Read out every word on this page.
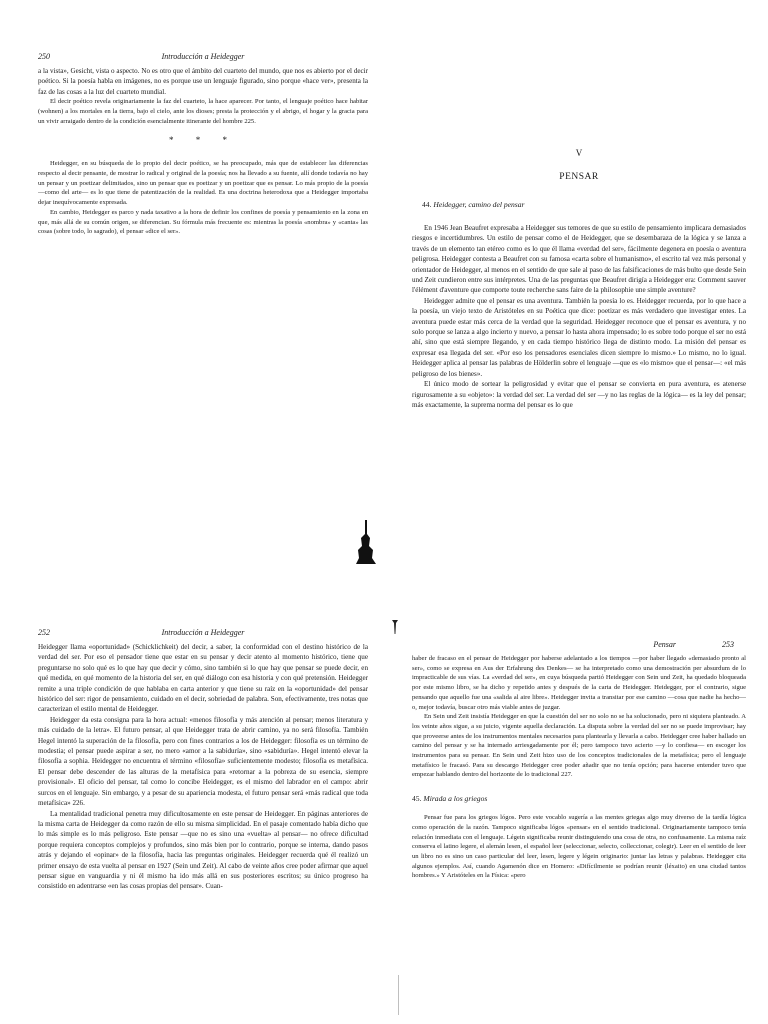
250	Introducción a Heidegger

a la vista», Gesicht, vista o aspecto. No es otro que el ámbito del cuarteto del mundo, que nos es abierto por el decir poético. Si la poesía habla en imágenes, no es porque use un lenguaje figurado, sino porque «hace ver», presenta la faz de las cosas a la luz del cuarteto mundial.

El decir poético revela originariamente la faz del cuarteto, la hace aparecer. Por tanto, el lenguaje poético hace habitar (wohnen) a los mortales en la tierra, bajo el cielo, ante los dioses; presta la protección y el abrigo, el hogar y la gracia para un vivir arraigado dentro de la condición esencialmente itinerante del hombre 225.

* * *

Heidegger, en su búsqueda de lo propio del decir poético, se ha preocupado, más que de establecer las diferencias respecto al decir pensante, de mostrar lo radical y original de la poesía; nos ha llevado a su fuente, allí donde todavía no hay un pensar y un poetizar delimitados, sino un pensar que es poetizar y un poetizar que es pensar. Lo más propio de la poesía —como del arte— es lo que tiene de patentización de la realidad. Es una doctrina heterodoxa que a Heidegger importaba dejar inequívocamente expresada.

En cambio, Heidegger es parco y nada taxativo a la hora de definir los confines de poesía y pensamiento en la zona en que, más allá de su común origen, se diferencian. Su fórmula más frecuente es: mientras la poesía «nombra» y «canta» las cosas (sobre todo, lo sagrado), el pensar «dice el ser».

V
PENSAR
44. Heidegger, camino del pensar

En 1946 Jean Beaufret expresaba a Heidegger sus temores de que su estilo de pensamiento implicara demasiados riesgos e incertidumbres. Un estilo de pensar como el de Heidegger, que se desembaraza de la lógica y se lanza a través de un elemento tan etéreo como es lo que él llama «verdad del ser», fácilmente degenera en poesía o aventura peligrosa. Heidegger contesta a Beaufret con su famosa «carta sobre el humanismo», el escrito tal vez más personal y orientador de Heidegger, al menos en el sentido de que sale al paso de las falsificaciones de más bulto que desde Sein und Zeit cundieron entre sus intérpretes. Una de las preguntas que Beaufret dirigía a Heidegger era: Comment sauver l'élément d'aventure que comporte toute recherche sans faire de la philosophie une simple aventure?

Heidegger admite que el pensar es una aventura. También la poesía lo es. Heidegger recuerda, por lo que hace a la poesía, un viejo texto de Aristóteles en su Poética que dice: poetizar es más verdadero que investigar entes. La aventura puede estar más cerca de la verdad que la seguridad. Heidegger reconoce que el pensar es aventura, y no solo porque se lanza a algo incierto y nuevo, a pensar lo hasta ahora impensado; lo es sobre todo porque el ser no está ahí, sino que está siempre llegando, y en cada tiempo histórico llega de distinto modo. La misión del pensar es expresar esa llegada del ser. «Por eso los pensadores esenciales dicen siempre lo mismo.» Lo mismo, no lo igual. Heidegger aplica al pensar las palabras de Hölderlin sobre el lenguaje —que es «lo mismo» que el pensar—: «el más peligroso de los bienes».

El único modo de sortear la peligrosidad y evitar que el pensar se convierta en pura aventura, es atenerse rigurosamente a su «objeto»: la verdad del ser. La verdad del ser —y no las reglas de la lógica— es la ley del pensar; más exactamente, la suprema norma del pensar es lo que

252	Introducción a Heidegger

Heidegger llama «oportunidad» (Schicklichkeit) del decir, a saber, la conformidad con el destino histórico de la verdad del ser. Por eso el pensador tiene que estar en su pensar y decir atento al momento histórico, tiene que preguntarse no solo qué es lo que hay que decir y cómo, sino también si lo que hay que pensar se puede decir, en qué medida, en qué momento de la historia del ser, en qué diálogo con esa historia y con qué pretensión. Heidegger remite a una triple condición de que hablaba en carta anterior y que tiene su raíz en la «oportunidad» del pensar histórico del ser: rigor de pensamiento, cuidado en el decir, sobriedad de palabra. Son, efectivamente, tres notas que caracterizan el estilo mental de Heidegger.

Heidegger da esta consigna para la hora actual: «menos filosofía y más atención al pensar; menos literatura y más cuidado de la letra». El futuro pensar, al que Heidegger trata de abrir camino, ya no será filosofía. También Hegel intentó la superación de la filosofía, pero con fines contrarios a los de Heidegger: filosofía es un término de modestia; el pensar puede aspirar a ser, no mero «amor a la sabiduría», sino «sabiduría». Hegel intentó elevar la filosofía a sophia. Heidegger no encuentra el término «filosofía» suficientemente modesto; filosofía es metafísica. El pensar debe descender de las alturas de la metafísica para «retornar a la pobreza de su esencia, siempre provisional». El oficio del pensar, tal como lo concibe Heidegger, es el mismo del labrador en el campo: abrir surcos en el lenguaje. Sin embargo, y a pesar de su apariencia modesta, el futuro pensar será «más radical que toda metafísica» 226.

La mentalidad tradicional penetra muy dificultosamente en este pensar de Heidegger. En páginas anteriores de la misma carta de Heidegger da como razón de ello su misma simplicidad. En el pasaje comentado había dicho que lo más simple es lo más peligroso. Este pensar —que no es sino una «vuelta» al pensar— no ofrece dificultad porque requiera conceptos complejos y profundos, sino más bien por lo contrario, porque se interna, dando pasos atrás y dejando el «opinar» de la filosofía, hacia las preguntas originales. Heidegger recuerda qué él realizó un primer ensayo de esta vuelta al pensar en 1927 (Sein und Zeit). Al cabo de veinte años cree poder afirmar que aquel pensar sigue en vanguardia y ni él mismo ha ido más allá en sus posteriores escritos; su único progreso ha consistido en adentrarse «en las cosas propias del pensar». Cuan-

Pensar	253

haber de fracaso en el pensar de Heidegger por haberse adelantado a los tiempos —por haber llegado «demasiado pronto al ser», como se expresa en Aus der Erfahrung des Denkes— se ha interpretado como una demostración per absurdum de lo impracticable de sus vías. La «verdad del ser», en cuya búsqueda partió Heidegger con Sein und Zeit, ha quedado bloqueada por este mismo libro, se ha dicho y repetido antes y después de la carta de Heidegger. Heidegger, por el contrario, sigue pensando que aquello fue una «salida al aire libre». Heidegger invita a transitar por ese camino —cosa que nadie ha hecho— o, mejor todavía, buscar otro más viable antes de juzgar.

En Sein und Zeit insistía Heidegger en que la cuestión del ser no solo no se ha solucionado, pero ni siquiera planteado. A los veinte años sigue, a su juicio, vigente aquella declaración. La disputa sobre la verdad del ser no se puede improvisar; hay que proveerse antes de los instrumentos mentales necesarios para plantearla y llevarla a cabo. Heidegger cree haber hallado un camino del pensar y se ha internado arriesgadamente por él; pero tampoco tuvo acierto —y lo confiesa— en escoger los instrumentos para su pensar. En Sein und Zeit hizo uso de los conceptos tradicionales de la metafísica; pero el lenguaje metafísico le fracasó. Para su descargo Heidegger cree poder añadir que no tenía opción; para hacerse entender tuvo que empezar hablando dentro del horizonte de lo tradicional 227.

45. Mirada a los griegos

Pensar fue para los griegos lógos. Pero este vocablo sugería a las mentes griegas algo muy diverso de la tardía lógica como operación de la razón. Tampoco significaba lógos «pensar» en el sentido tradicional. Originariamente tampoco tenía relación inmediata con el lenguaje. Légein significaba reunir distinguiendo una cosa de otra, no confusamente. La misma raíz conserva el latino legere, el alemán lesen, el español leer (seleccionar, selecto, colleccionar, colegir). Leer en el sentido de leer un libro no es sino un caso particular del leer, lesen, legere y légein originario: juntar las letras y palabras. Heidegger cita algunos ejemplos. Así, cuando Agamenón dice en Homero: «Difícilmente se podrían reunir (léxaito) en una ciudad tantos hombres.» Y Aristóteles en la Física: «pero
